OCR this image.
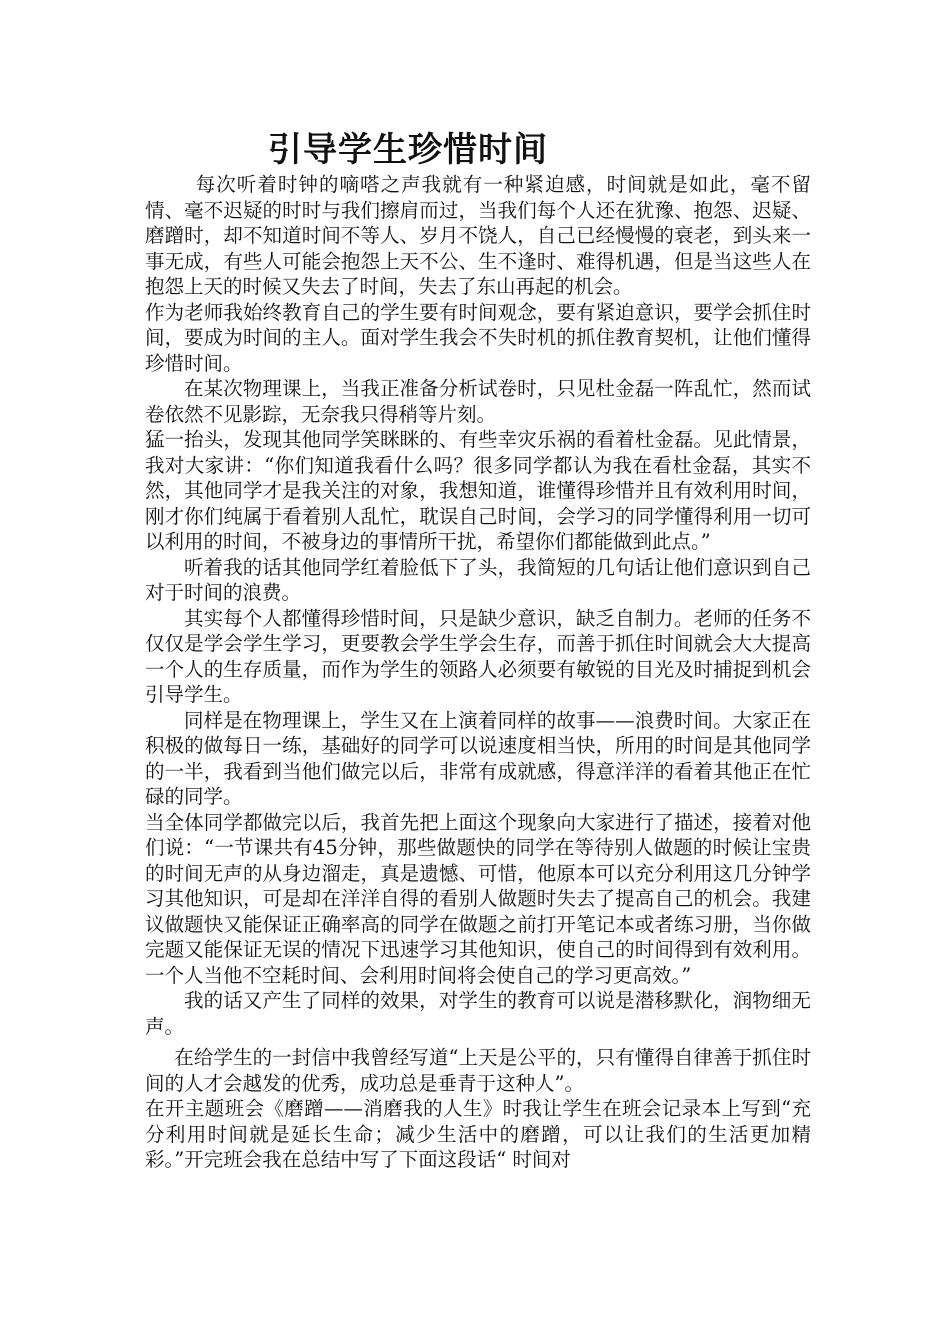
引导学生珍惜时间

每次听着时钟的嘀嗒之声我就有一种紧迫感，时间就是如此，毫不留情、毫不迟疑的时时与我们擦肩而过，当我们每个人还在犹豫、抱怨、迟疑、磨蹭时，却不知道时间不等人、岁月不饶人，自己已经慢慢的衰老，到头来一事无成，有些人可能会抱怨上天不公、生不逢时、难得机遇，但是当这些人在抱怨上天的时候又失去了时间，失去了东山再起的机会。

作为老师我始终教育自己的学生要有时间观念，要有紧迫意识，要学会抓住时间，要成为时间的主人。面对学生我会不失时机的抓住教育契机，让他们懂得珍惜时间。

在某次物理课上，当我正准备分析试卷时，只见杜金磊一阵乱忙，然而试卷依然不见影踪，无奈我只得稍等片刻。

猛一抬头，发现其他同学笑眯眯的、有些幸灾乐祸的看着杜金磊。见此情景，我对大家讲：“你们知道我看什么吗？很多同学都认为我在看杜金磊，其实不然，其他同学才是我关注的对象，我想知道，谁懂得珍惜并且有效利用时间，刚才你们纯属于看着别人乱忙，耽误自己时间，会学习的同学懂得利用一切可以利用的时间，不被身边的事情所干扰，希望你们都能做到此点。”

听着我的话其他同学红着脸低下了头，我简短的几句话让他们意识到自己对于时间的浪费。

其实每个人都懂得珍惜时间，只是缺少意识，缺乏自制力。老师的任务不仅仅是学会学生学习，更要教会学生学会生存，而善于抓住时间就会大大提高一个人的生存质量，而作为学生的领路人必须要有敏锐的目光及时捕捉到机会引导学生。

同样是在物理课上，学生又在上演着同样的故事——浪费时间。大家正在积极的做每日一练，基础好的同学可以说速度相当快，所用的时间是其他同学的一半，我看到当他们做完以后，非常有成就感，得意洋洋的看着其他正在忙碌的同学。

当全体同学都做完以后，我首先把上面这个现象向大家进行了描述，接着对他们说：“一节课共有45分钟，那些做题快的同学在等待别人做题的时候让宝贵的时间无声的从身边溜走，真是遗憾、可惜，他原本可以充分利用这几分钟学习其他知识，可是却在洋洋自得的看别人做题时失去了提高自己的机会。我建议做题快又能保证正确率高的同学在做题之前打开笔记本或者练习册，当你做完题又能保证无误的情况下迅速学习其他知识，使自己的时间得到有效利用。一个人当他不空耗时间、会利用时间将会使自己的学习更高效。”

我的话又产生了同样的效果，对学生的教育可以说是潜移默化，润物细无声。

在给学生的一封信中我曾经写道“上天是公平的，只有懂得自律善于抓住时间的人才会越发的优秀，成功总是垂青于这种人”。

在开主题班会《磨蹭——消磨我的人生》时我让学生在班会记录本上写到“充分利用时间就是延长生命；减少生活中的磨蹭，可以让我们的生活更加精彩。”开完班会我在总结中写了下面这段话“ 时间对
